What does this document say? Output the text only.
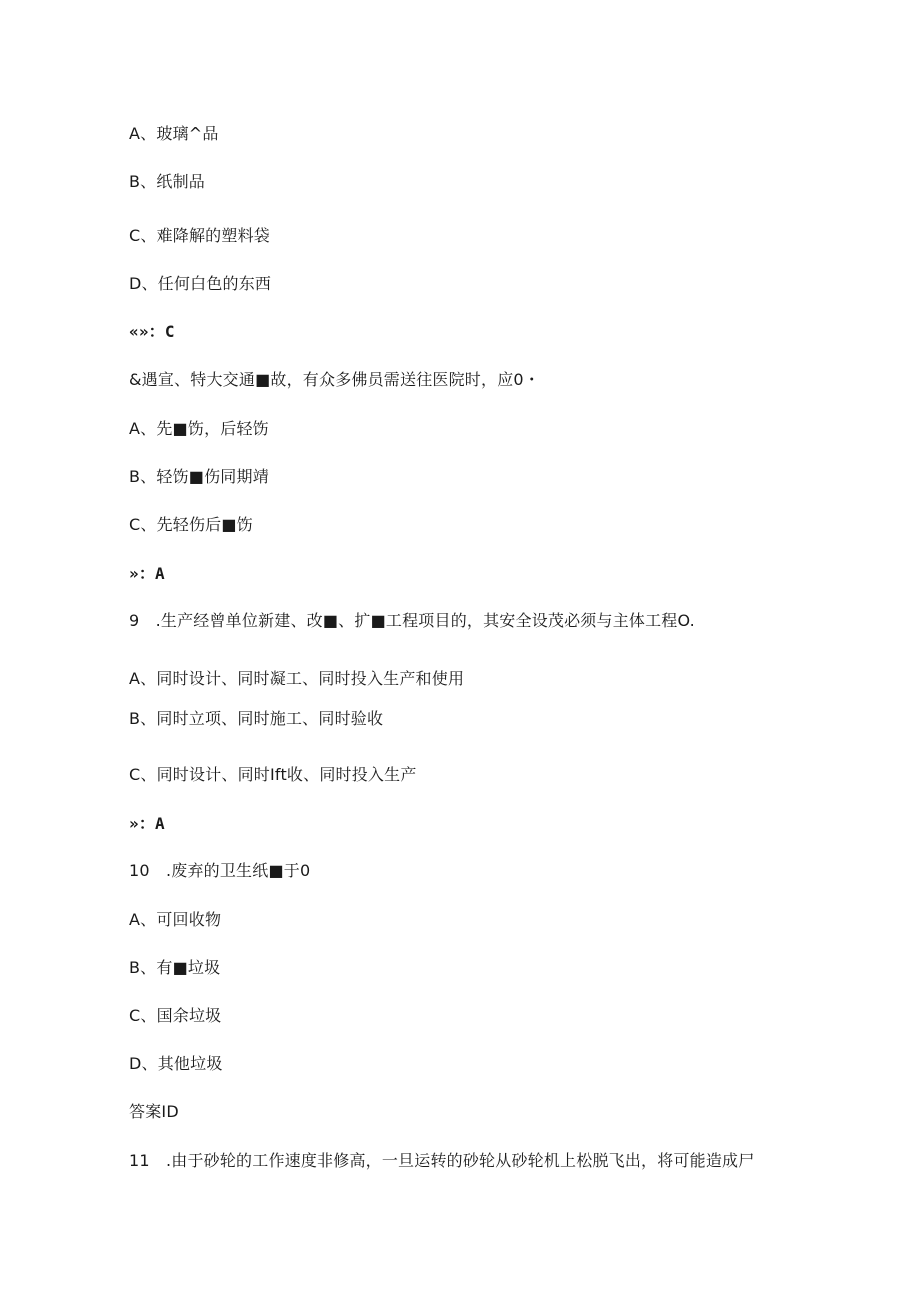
A、玻璃^品
B、纸制品
C、难降解的塑料袋
D、任何白色的东西
«»：C
&遇宣、特大交通■故，有众多佛员需送往医院时，应0・
A、先■饬，后轻饬
B、轻饬■伤同期靖
C、先轻伤后■饬
»：A
9　.生产经曾单位新建、改■、扩■工程项目的，其安全设茂必须与主体工程O.
A、同时设计、同时凝工、同时投入生产和使用
B、同时立项、同时施工、同时验收
C、同时设计、同时Ift收、同时投入生产
»：A
10　.废弃的卫生纸■于0
A、可回收物
B、有■垃圾
C、国余垃圾
D、其他垃圾
答案ID
11　.由于砂轮的工作速度非修高，一旦运转的砂轮从砂轮机上松脱飞出，将可能造成尸
